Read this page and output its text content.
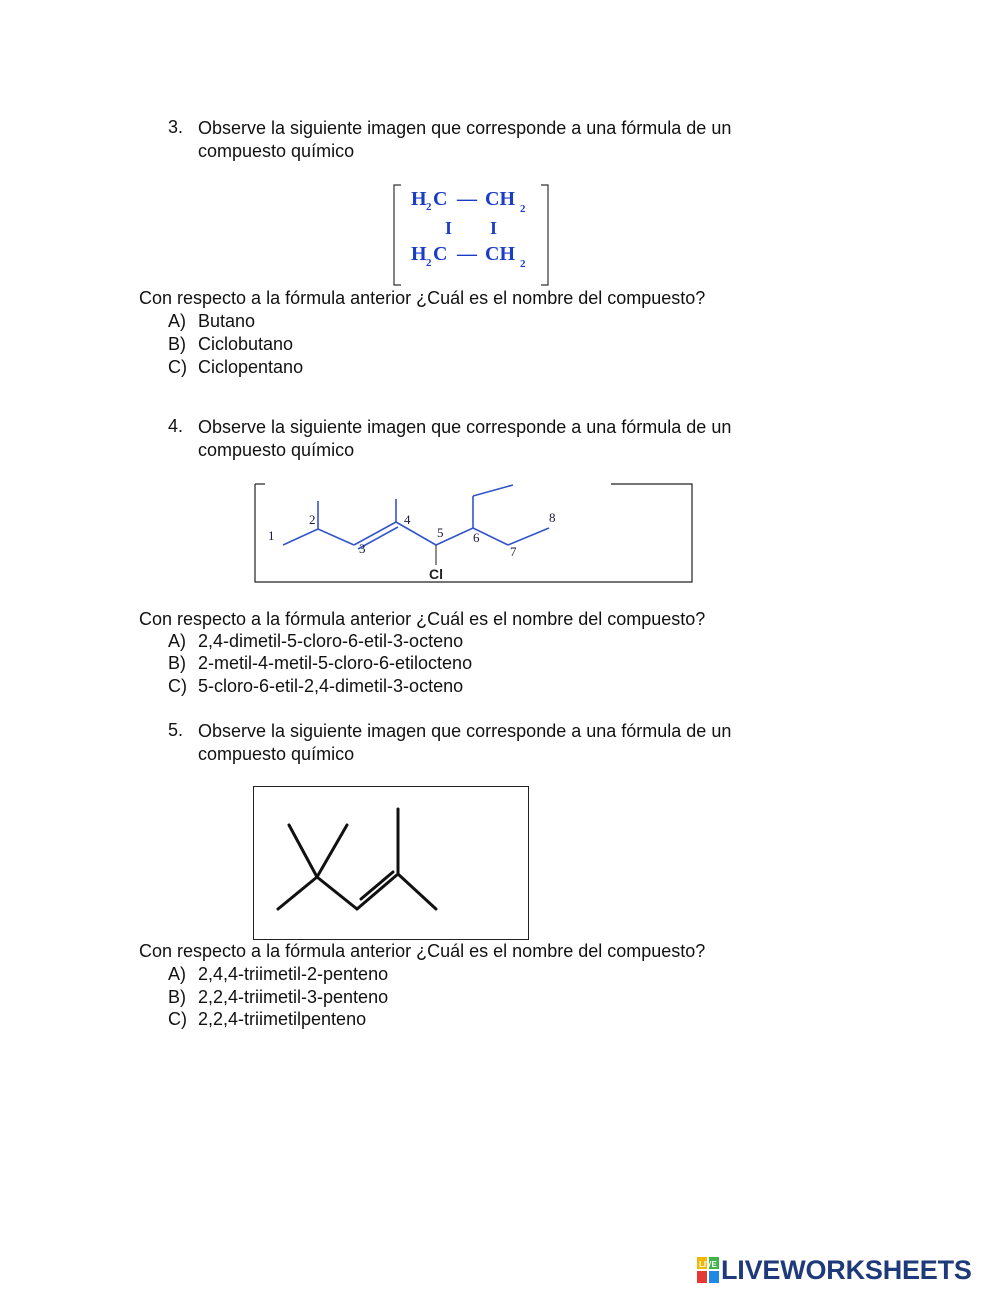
3. Observe la siguiente imagen que corresponde a una fórmula de un
compuesto químico
H 2 C — CH 2
I I
H 2 C — CH 2
Con respecto a la fórmula anterior ¿Cuál es el nombre del compuesto?
A) Butano
B) Ciclobutano
C) Ciclopentano
4. Observe la siguiente imagen que corresponde a una fórmula de un
compuesto químico
1
2
3
4
5 6
7
8
Cl
Con respecto a la fórmula anterior ¿Cuál es el nombre del compuesto?
A) 2,4-dimetil-5-cloro-6-etil-3-octeno
B) 2-metil-4-metil-5-cloro-6-etilocteno
C) 5-cloro-6-etil-2,4-dimetil-3-octeno
5. Observe la siguiente imagen que corresponde a una fórmula de un
compuesto químico
Con respecto a la fórmula anterior ¿Cuál es el nombre del compuesto?
A) 2,4,4-triimetil-2-penteno
B) 2,2,4-triimetil-3-penteno
C) 2,2,4-triimetilpenteno
LIVE LIVEWORKSHEETS
